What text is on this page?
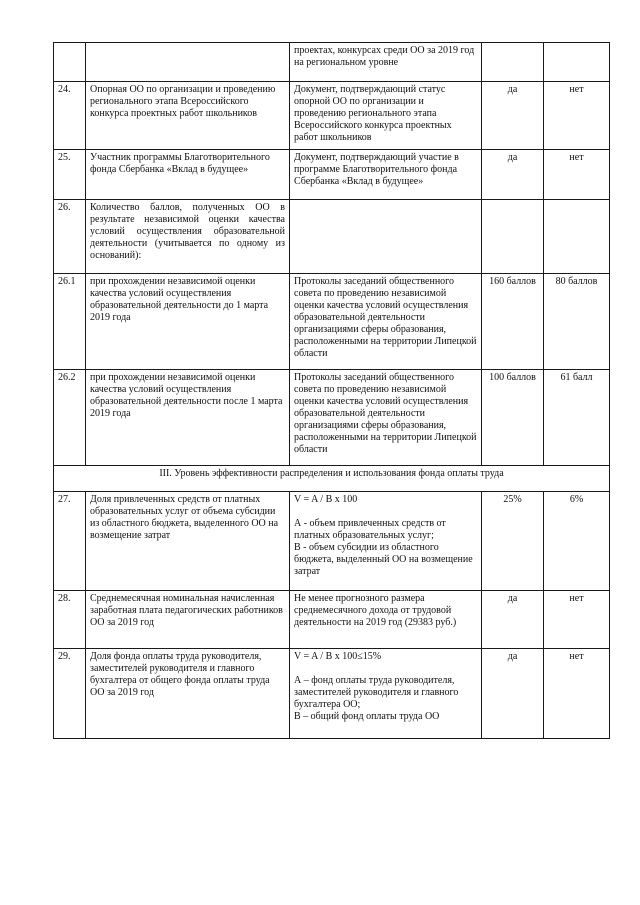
		проектах, конкурсах среди ОО за 2019 год на региональном уровне		
24.	Опорная ОО по организации и проведению регионального этапа Всероссийского конкурса проектных работ школьников	Документ, подтверждающий статус опорной ОО по организации и проведению регионального этапа Всероссийского конкурса проектных работ школьников	да	нет
25.	Участник программы Благотворительного фонда Сбербанка «Вклад в будущее»	Документ, подтверждающий участие в программе Благотворительного фонда Сбербанка «Вклад в будущее»	да	нет
26.	Количество баллов, полученных ОО в результате независимой оценки качества условий осуществления образовательной деятельности (учитывается по одному из оснований):			
26.1	при прохождении независимой оценки качества условий осуществления образовательной деятельности до 1 марта 2019 года	Протоколы заседаний общественного совета по проведению независимой оценки качества условий осуществления образовательной деятельности организациями сферы образования, расположенными на территории Липецкой области	160 баллов	80 баллов
26.2	при прохождении независимой оценки качества условий осуществления образовательной деятельности после 1 марта 2019 года	Протоколы заседаний общественного совета по проведению независимой оценки качества условий осуществления образовательной деятельности организациями сферы образования, расположенными на территории Липецкой области	100 баллов	61 балл
III. Уровень эффективности распределения и использования фонда оплаты труда				
27.	Доля привлеченных средств от платных образовательных услуг от объема субсидии из областного бюджета, выделенного ОО на возмещение затрат	V = A / B x 100
А - объем привлеченных средств от платных образовательных услуг;
В - объем субсидии из областного бюджета, выделенный ОО на возмещение затрат	25%	6%
28.	Среднемесячная номинальная начисленная заработная плата педагогических работников ОО за 2019 год	Не менее прогнозного размера среднемесячного дохода от трудовой деятельности на 2019 год (29383 руб.)	да	нет
29.	Доля фонда оплаты труда руководителя, заместителей руководителя и главного бухгалтера от общего фонда оплаты труда ОО за 2019 год	V = A / B x 100≤15%
А – фонд оплаты труда руководителя, заместителей руководителя и главного бухгалтера ОО;
В – общий фонд оплаты труда ОО	да	нет
